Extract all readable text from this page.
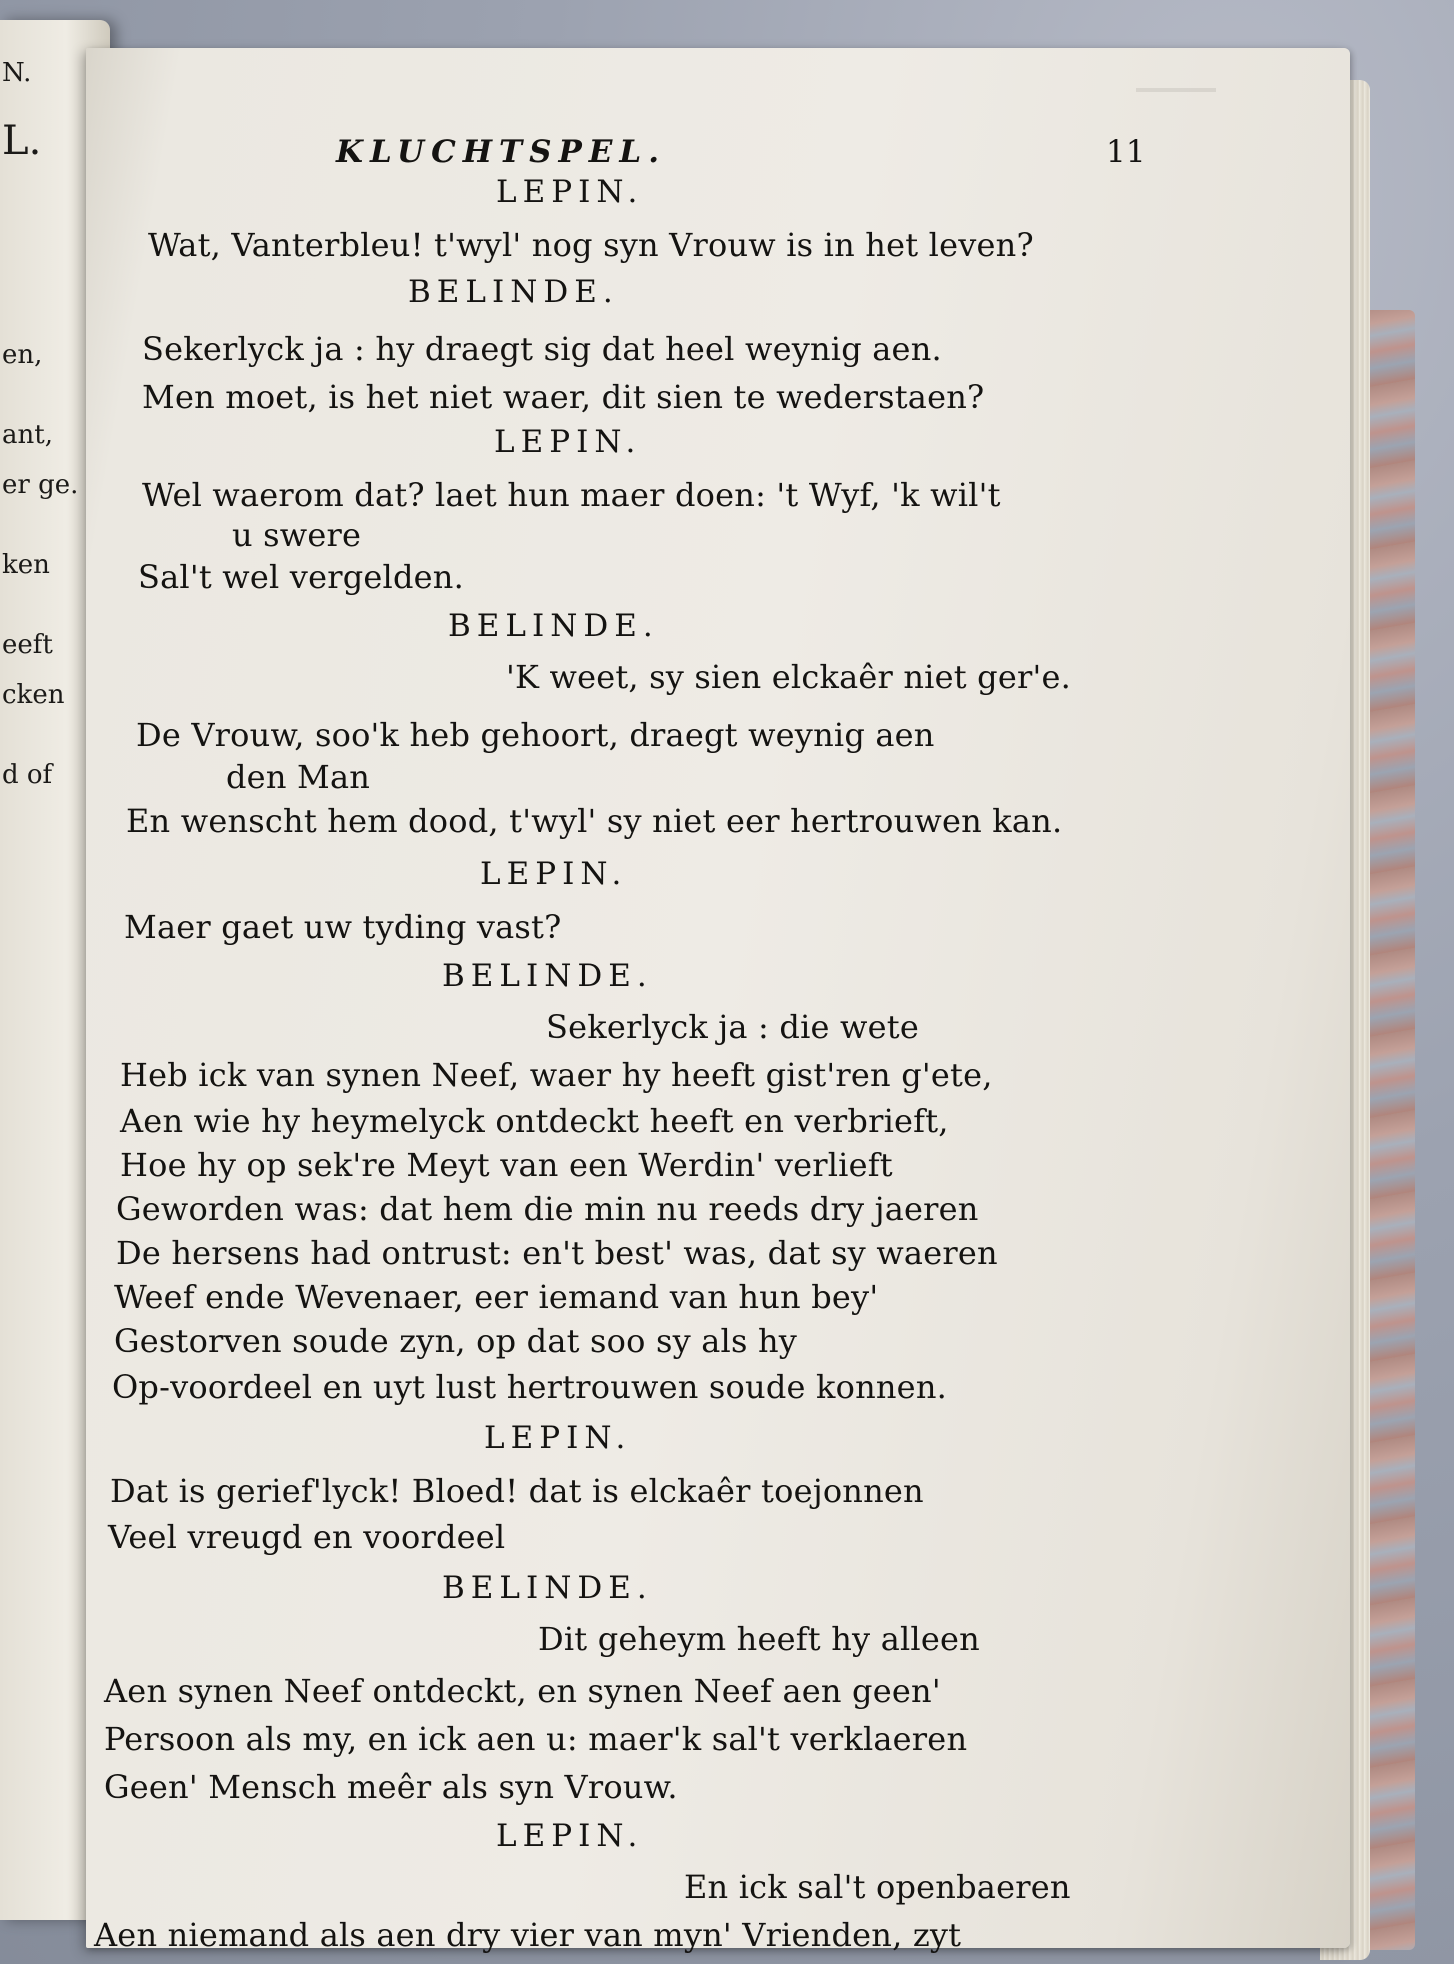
N.
L.
en,
ant,
er ge.
ken
eeft
cken
d of
KLUCHTSPEL.	11
LEPIN.
Wat, Vanterbleu! t'wyl' nog syn Vrouw is in het leven?
BELINDE.
Sekerlyck ja : hy draegt sig dat heel weynig aen.
Men moet, is het niet waer, dit sien te wederstaen?
LEPIN.
Wel waerom dat? laet hun maer doen: 't Wyf, 'k wil't
u swere
Sal't wel vergelden.
BELINDE.
'K weet, sy sien elckaêr niet ger'e.
De Vrouw, soo'k heb gehoort, draegt weynig aen
den Man
En wenscht hem dood, t'wyl' sy niet eer hertrouwen kan.
LEPIN.
Maer gaet uw tyding vast?
BELINDE.
Sekerlyck ja : die wete
Heb ick van synen Neef, waer hy heeft gist'ren g'ete,
Aen wie hy heymelyck ontdeckt heeft en verbrieft,
Hoe hy op sek're Meyt van een Werdin' verlieft
Geworden was: dat hem die min nu reeds dry jaeren
De hersens had ontrust: en't best' was, dat sy waeren
Weef ende Wevenaer, eer iemand van hun bey'
Gestorven soude zyn, op dat soo sy als hy
Op-voordeel en uyt lust hertrouwen soude konnen.
LEPIN.
Dat is gerief'lyck! Bloed! dat is elckaêr toejonnen
Veel vreugd en voordeel
BELINDE.
Dit geheym heeft hy alleen
Aen synen Neef ontdeckt, en synen Neef aen geen'
Persoon als my, en ick aen u: maer'k sal't verklaeren
Geen' Mensch meêr als syn Vrouw.
LEPIN.
En ick sal't openbaeren
Aen niemand als aen dry vier van myn' Vrienden, zyt
